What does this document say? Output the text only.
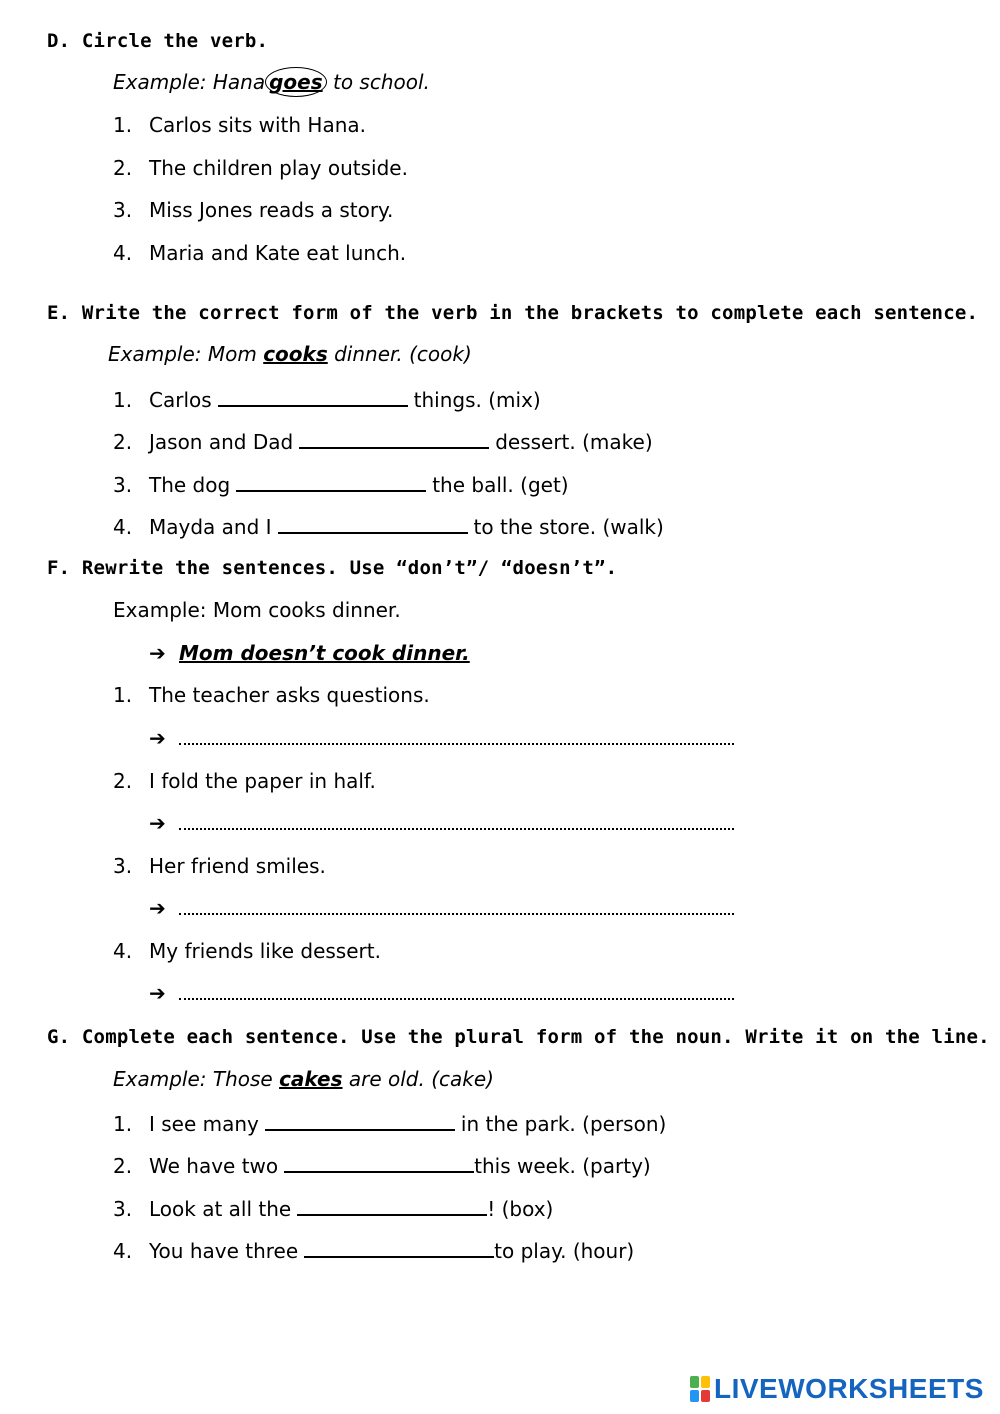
D. Circle the verb.
Example: Hana goes to school.
1. Carlos sits with Hana.
2. The children play outside.
3. Miss Jones reads a story.
4. Maria and Kate eat lunch.
E. Write the correct form of the verb in the brackets to complete each sentence.
Example: Mom cooks dinner. (cook)
1. Carlos	things. (mix)
2. Jason and Dad	dessert. (make)
3. The dog	the ball. (get)
4. Mayda and I	to the store. (walk)
F. Rewrite the sentences. Use “don’t”/ “doesn’t”.
Example: Mom cooks dinner.
➔ Mom doesn’t cook dinner.
1. The teacher asks questions.
➔
2. I fold the paper in half.
➔
3. Her friend smiles.
➔
4. My friends like dessert.
➔
G. Complete each sentence. Use the plural form of the noun. Write it on the line.
Example: Those cakes are old. (cake)
1. I see many	in the park. (person)
2. We have two	this week. (party)
3. Look at all the	! (box)
4. You have three	to play. (hour)
LIVEWORKSHEETS
